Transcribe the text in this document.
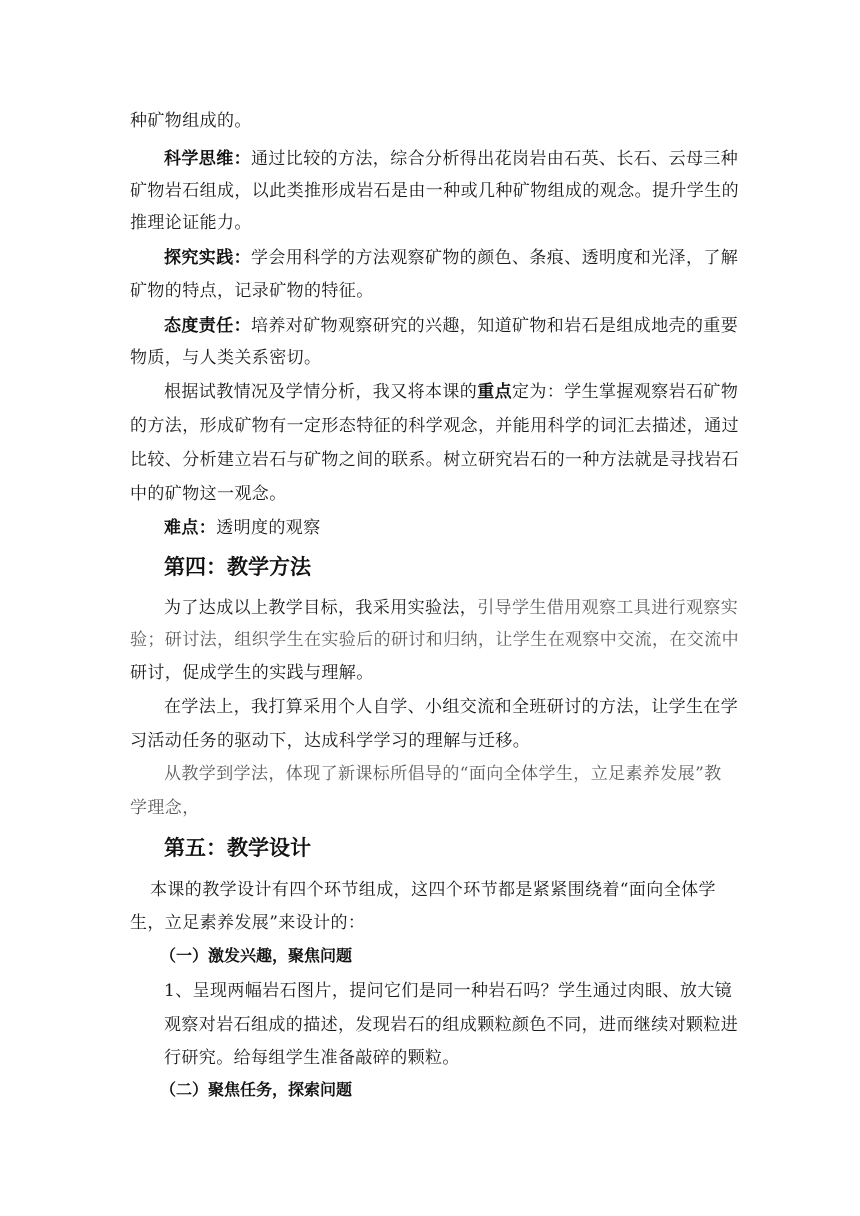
种矿物组成的。
科学思维：通过比较的方法，综合分析得出花岗岩由石英、长石、云母三种
矿物岩石组成，以此类推形成岩石是由一种或几种矿物组成的观念。提升学生的
推理论证能力。
探究实践：学会用科学的方法观察矿物的颜色、条痕、透明度和光泽，了解
矿物的特点，记录矿物的特征。
态度责任：培养对矿物观察研究的兴趣，知道矿物和岩石是组成地壳的重要
物质，与人类关系密切。
根据试教情况及学情分析，我又将本课的重点定为：学生掌握观察岩石矿物
的方法，形成矿物有一定形态特征的科学观念，并能用科学的词汇去描述，通过
比较、分析建立岩石与矿物之间的联系。树立研究岩石的一种方法就是寻找岩石
中的矿物这一观念。
难点：透明度的观察
第四：教学方法
为了达成以上教学目标，我采用实验法，引导学生借用观察工具进行观察实
验；研讨法，组织学生在实验后的研讨和归纳，让学生在观察中交流，在交流中
研讨，促成学生的实践与理解。
在学法上，我打算采用个人自学、小组交流和全班研讨的方法，让学生在学
习活动任务的驱动下，达成科学学习的理解与迁移。
从教学到学法，体现了新课标所倡导的“面向全体学生，立足素养发展”教
学理念，
第五：教学设计
本课的教学设计有四个环节组成，这四个环节都是紧紧围绕着“面向全体学
生，立足素养发展”来设计的：
（一）激发兴趣，聚焦问题
1、呈现两幅岩石图片，提问它们是同一种岩石吗？学生通过肉眼、放大镜
观察对岩石组成的描述，发现岩石的组成颗粒颜色不同，进而继续对颗粒进
行研究。给每组学生准备敲碎的颗粒。
（二）聚焦任务，探索问题
